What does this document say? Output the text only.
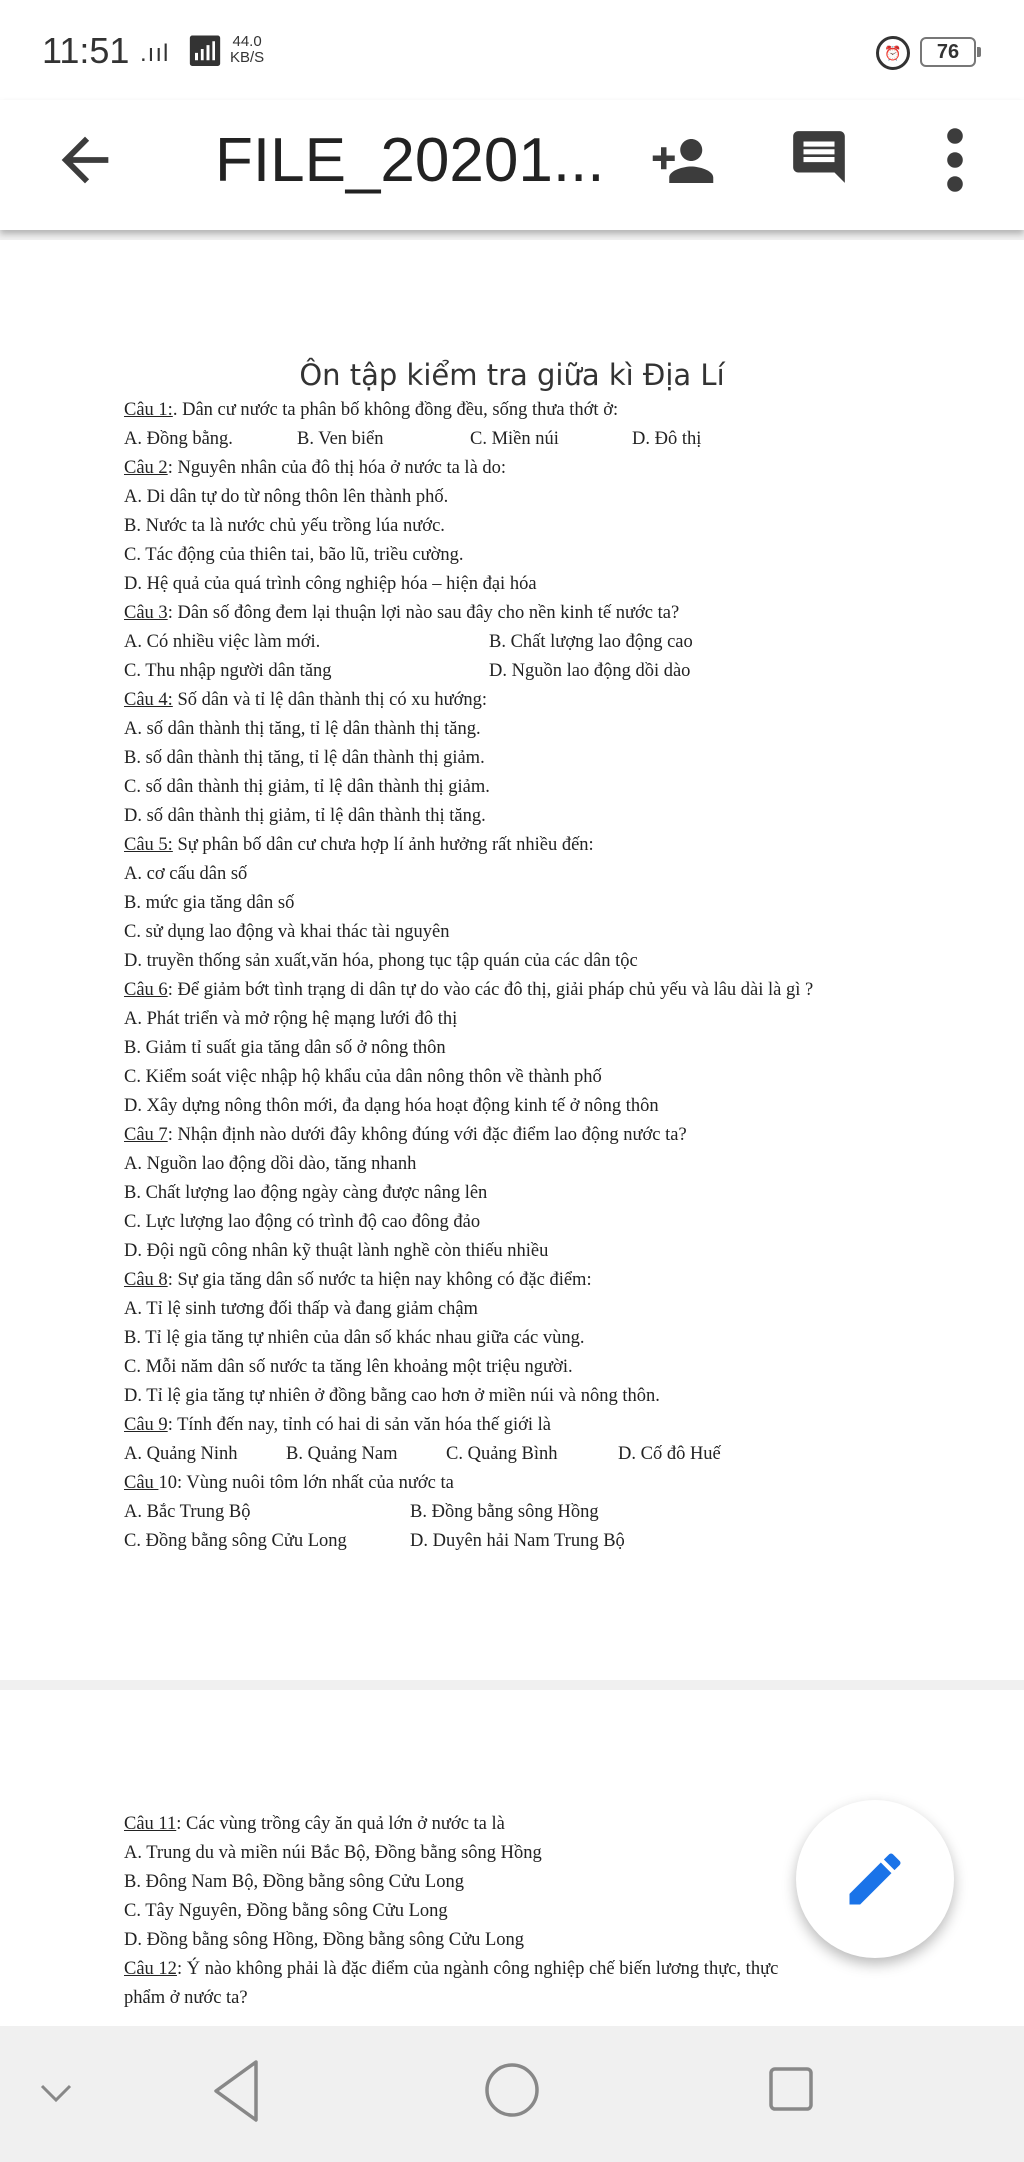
11:51 .ııl 📶︎ 44.0
KB/S	⏰	76
FILE_20201...
Ôn tập kiểm tra giữa kì Địa Lí
Câu 1:. Dân cư nước ta phân bố không đồng đều, sống thưa thớt ở:
A. Đồng bằng.	B. Ven biển	C. Miền núi	D. Đô thị
Câu 2: Nguyên nhân của đô thị hóa ở nước ta là do:
A. Di dân tự do từ nông thôn lên thành phố.
B. Nước ta là nước chủ yếu trồng lúa nước.
C. Tác động của thiên tai, bão lũ, triều cường.
D. Hệ quả của quá trình công nghiệp hóa – hiện đại hóa
Câu 3: Dân số đông đem lại thuận lợi nào sau đây cho nền kinh tế nước ta?
A. Có nhiều việc làm mới.	B. Chất lượng lao động cao
C. Thu nhập người dân tăng	D. Nguồn lao động dồi dào
Câu 4: Số dân và tỉ lệ dân thành thị có xu hướng:
A. số dân thành thị tăng, tỉ lệ dân thành thị tăng.
B. số dân thành thị tăng, tỉ lệ dân thành thị giảm.
C. số dân thành thị giảm, tỉ lệ dân thành thị giảm.
D. số dân thành thị giảm, tỉ lệ dân thành thị tăng.
Câu 5: Sự phân bố dân cư chưa hợp lí ảnh hưởng rất nhiều đến:
A. cơ cấu dân số
B. mức gia tăng dân số
C. sử dụng lao động và khai thác tài nguyên
D. truyền thống sản xuất,văn hóa, phong tục tập quán của các dân tộc
Câu 6: Để giảm bớt tình trạng di dân tự do vào các đô thị, giải pháp chủ yếu và lâu dài là gì ?
A. Phát triển và mở rộng hệ mạng lưới đô thị
B. Giảm tỉ suất gia tăng dân số ở nông thôn
C. Kiểm soát việc nhập hộ khẩu của dân nông thôn về thành phố
D. Xây dựng nông thôn mới, đa dạng hóa hoạt động kinh tế ở nông thôn
Câu 7: Nhận định nào dưới đây không đúng với đặc điểm lao động nước ta?
A. Nguồn lao động dồi dào, tăng nhanh
B. Chất lượng lao động ngày càng được nâng lên
C. Lực lượng lao động có trình độ cao đông đảo
D. Đội ngũ công nhân kỹ thuật lành nghề còn thiếu nhiều
Câu 8: Sự gia tăng dân số nước ta hiện nay không có đặc điểm:
A. Tỉ lệ sinh tương đối thấp và đang giảm chậm
B. Tỉ lệ gia tăng tự nhiên của dân số khác nhau giữa các vùng.
C. Mỗi năm dân số nước ta tăng lên khoảng một triệu người.
D. Tỉ lệ gia tăng tự nhiên ở đồng bằng cao hơn ở miền núi và nông thôn.
Câu 9: Tính đến nay, tỉnh có hai di sản văn hóa thế giới là
A. Quảng Ninh	B. Quảng Nam	C. Quảng Bình	D. Cố đô Huế
Câu 10: Vùng nuôi tôm lớn nhất của nước ta
A. Bắc Trung Bộ	B. Đồng bằng sông Hồng
C. Đồng bằng sông Cửu Long	D. Duyên hải Nam Trung Bộ
Câu 11: Các vùng trồng cây ăn quả lớn ở nước ta là
A. Trung du và miền núi Bắc Bộ, Đồng bằng sông Hồng
B. Đông Nam Bộ, Đồng bằng sông Cửu Long
C. Tây Nguyên, Đồng bằng sông Cửu Long
D. Đồng bằng sông Hồng, Đồng bằng sông Cửu Long
Câu 12: Ý nào không phải là đặc điểm của ngành công nghiệp chế biến lương thực, thực
phẩm ở nước ta?
